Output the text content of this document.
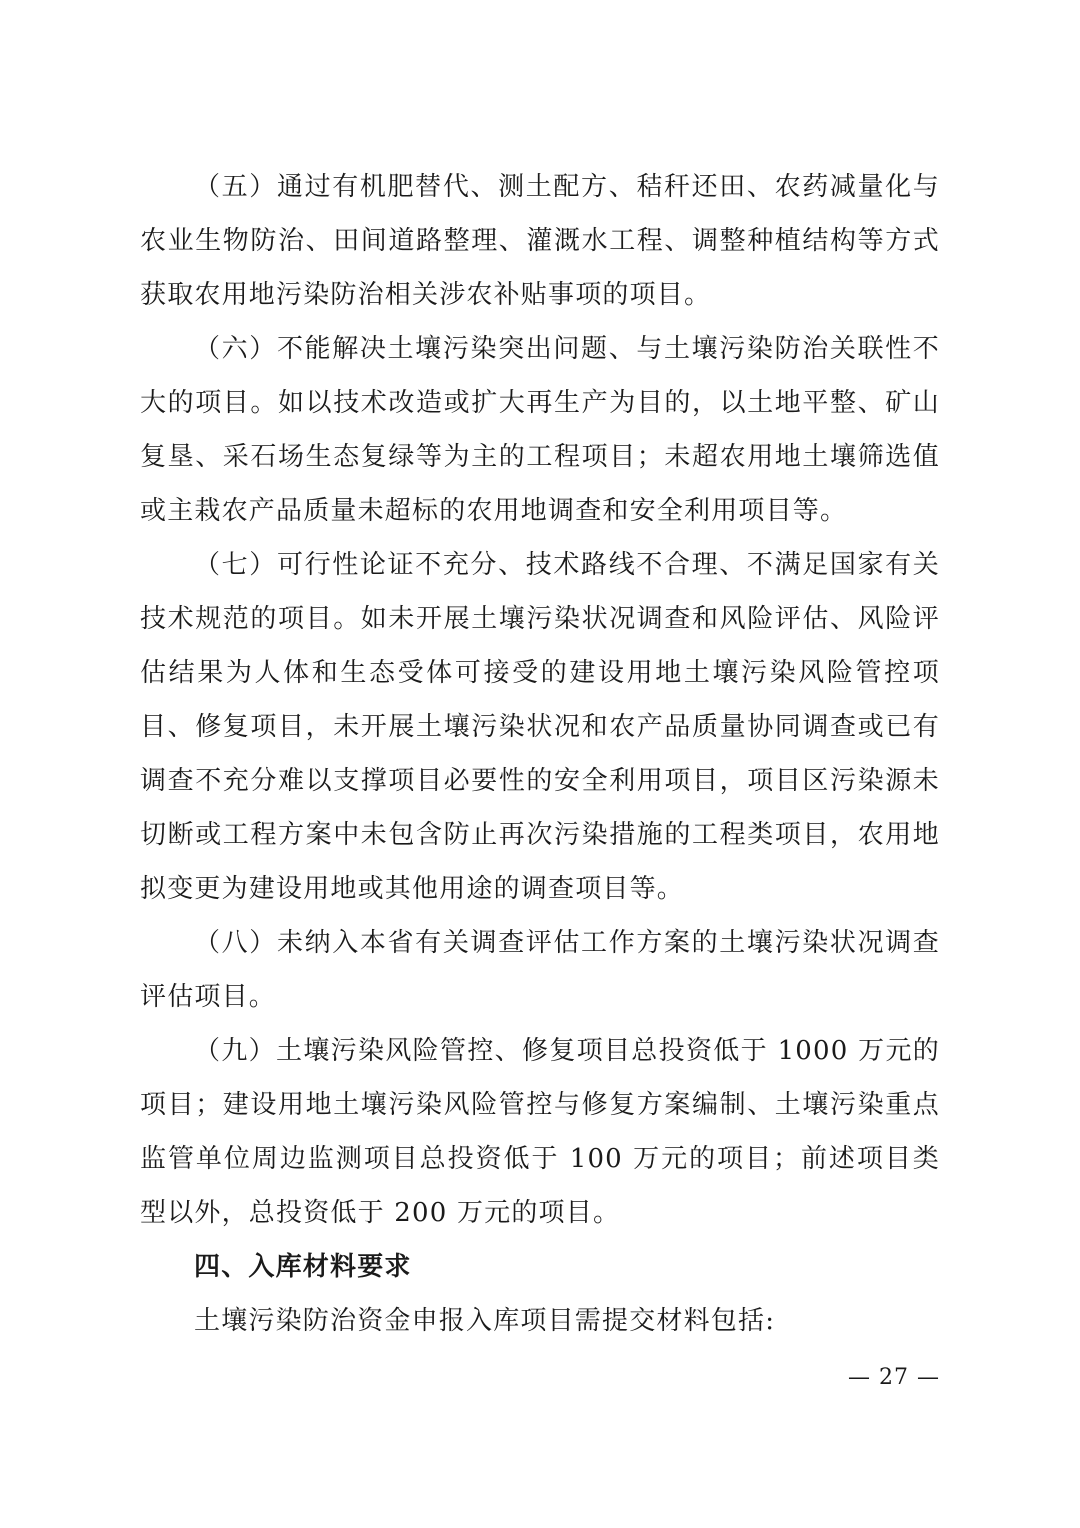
（五）通过有机肥替代、测土配方、秸秆还田、农药减量化与农业生物防治、田间道路整理、灌溉水工程、调整种植结构等方式获取农用地污染防治相关涉农补贴事项的项目。

（六）不能解决土壤污染突出问题、与土壤污染防治关联性不大的项目。如以技术改造或扩大再生产为目的，以土地平整、矿山复垦、采石场生态复绿等为主的工程项目；未超农用地土壤筛选值或主栽农产品质量未超标的农用地调查和安全利用项目等。

（七）可行性论证不充分、技术路线不合理、不满足国家有关技术规范的项目。如未开展土壤污染状况调查和风险评估、风险评估结果为人体和生态受体可接受的建设用地土壤污染风险管控项目、修复项目，未开展土壤污染状况和农产品质量协同调查或已有调查不充分难以支撑项目必要性的安全利用项目，项目区污染源未切断或工程方案中未包含防止再次污染措施的工程类项目，农用地拟变更为建设用地或其他用途的调查项目等。

（八）未纳入本省有关调查评估工作方案的土壤污染状况调查评估项目。

（九）土壤污染风险管控、修复项目总投资低于 1000 万元的项目；建设用地土壤污染风险管控与修复方案编制、土壤污染重点监管单位周边监测项目总投资低于 100 万元的项目；前述项目类型以外，总投资低于 200 万元的项目。

四、入库材料要求

土壤污染防治资金申报入库项目需提交材料包括:

— 27 —
